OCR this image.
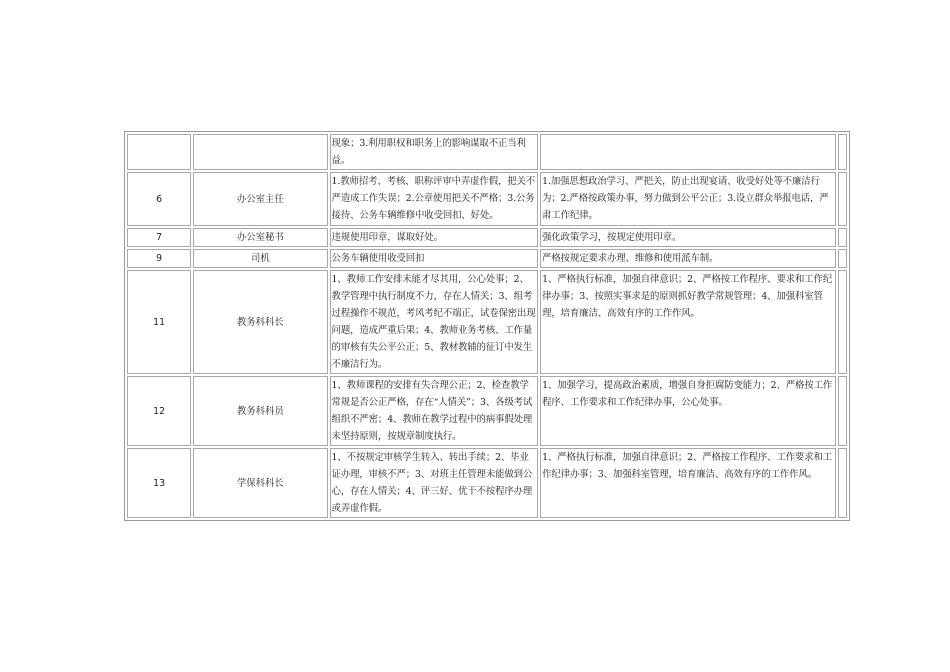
		现象；3.利用职权和职务上的影响谋取不正当利益。		

6	办公室主任	1.教师招考、考核、职称评审中弄虚作假，把关不严造成工作失误；2.公章使用把关不严格；3.公务接待、公务车辆维修中收受回扣、好处。	1.加强思想政治学习、严把关，防止出现宴请、收受好处等不廉洁行为；2.严格按政策办事，努力做到公平公正；3.设立群众举报电话，严肃工作纪律。	

7	办公室秘书	违规使用印章，谋取好处。	强化政策学习，按规定使用印章。	

9	司机	公务车辆使用收受回扣	严格按规定要求办理、维修和使用派车制。	

11	教务科科长	1、教师工作安排未能才尽其用，公心处事；2、教学管理中执行制度不力，存在人情关；3、组考过程操作不规范，考风考纪不端正，试卷保密出现问题，造成严重后果；4、教师业务考核、工作量的审核有失公平公正；5、教材教辅的征订中发生不廉洁行为。	1、严格执行标准，加强自律意识；2、严格按工作程序、要求和工作纪律办事；3、按照实事求是的原则抓好教学常规管理；4、加强科室管理，培育廉洁、高效有序的工作作风。	

12	教务科科员	1、教师课程的安排有失合理公正；2、检查教学常规是否公正严格，存在“人情关”；3、各级考试组织不严密；4、教师在教学过程中的病事假处理未坚持原则，按规章制度执行。	1、加强学习，提高政治素质，增强自身拒腐防变能力；2、严格按工作程序、工作要求和工作纪律办事，公心处事。	

13	学保科科长	1、不按规定审核学生转入、转出手续；2、毕业证办理，审核不严；3、对班主任管理未能做到公心，存在人情关；4、评三好、优干不按程序办理或弄虚作假。	1、严格执行标准，加强自律意识；2、严格按工作程序、工作要求和工作纪律办事；3、加强科室管理，培育廉洁、高效有序的工作作风。	
